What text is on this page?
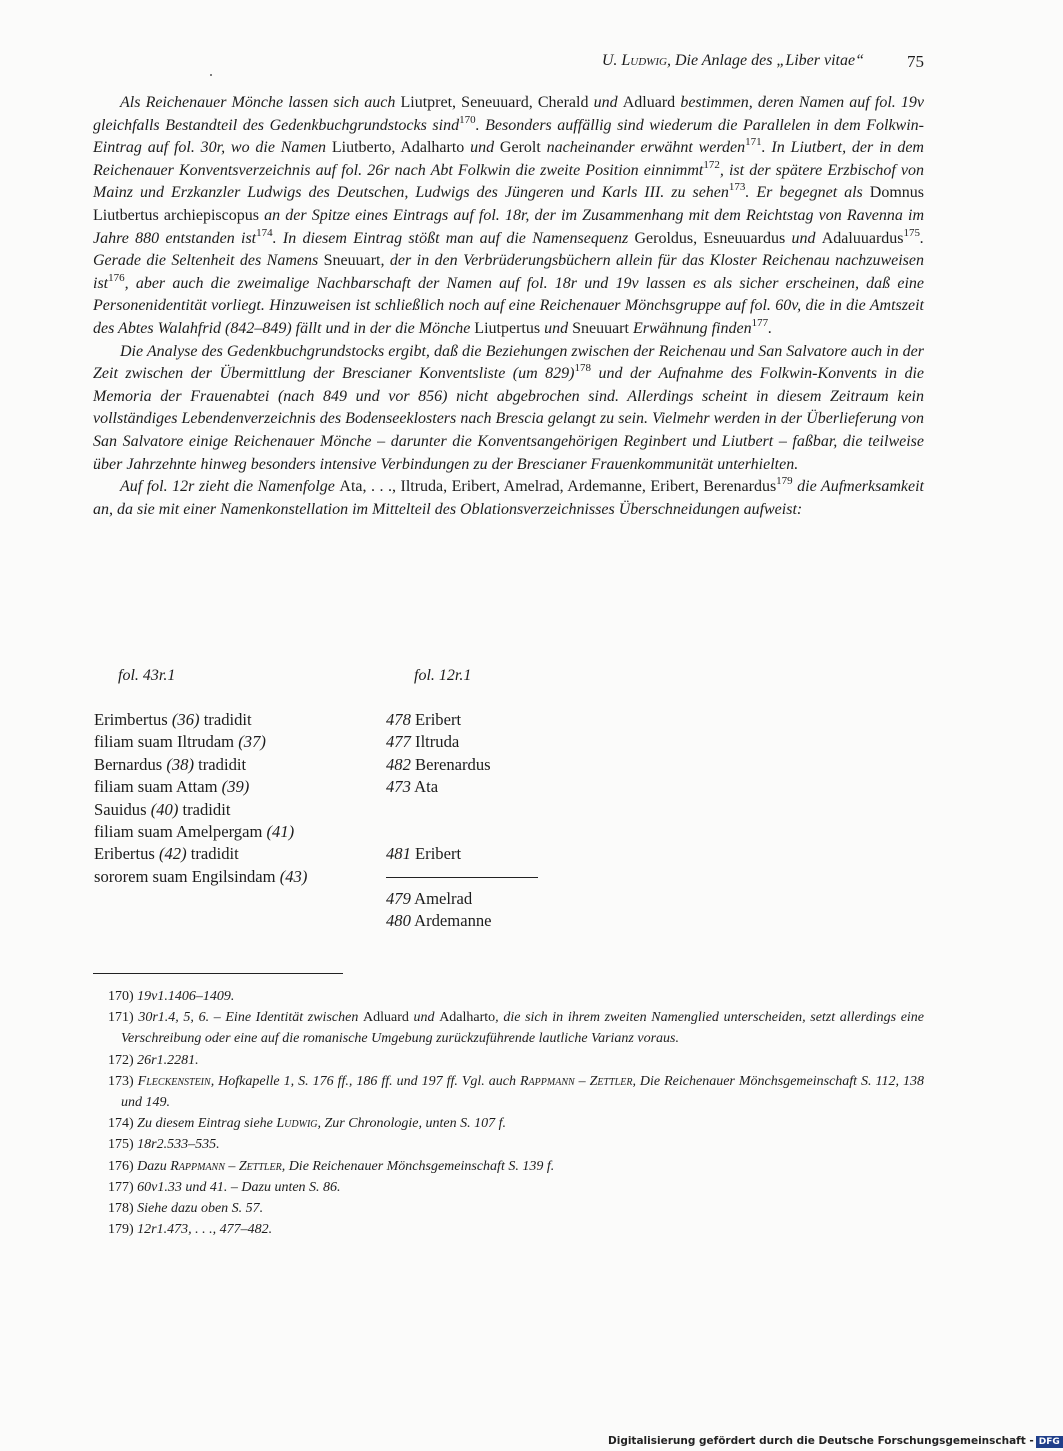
U. Ludwig, Die Anlage des „Liber vitae“	75

Als Reichenauer Mönche lassen sich auch Liutpret, Seneuuard, Cherald und Adluard bestimmen, deren Namen auf fol. 19v gleichfalls Bestandteil des Gedenkbuchgrundstocks sind$^{170}$. Besonders auffällig sind wiederum die Parallelen in dem Folkwin-Eintrag auf fol. 30r, wo die Namen Liutberto, Adalharto und Gerolt nacheinander erwähnt werden$^{171}$. In Liutbert, der in dem Reichenauer Konventsverzeichnis auf fol. 26r nach Abt Folkwin die zweite Position einnimmt$^{172}$, ist der spätere Erzbischof von Mainz und Erzkanzler Ludwigs des Deutschen, Ludwigs des Jüngeren und Karls III. zu sehen$^{173}$. Er begegnet als Domnus Liutbertus archiepiscopus an der Spitze eines Eintrags auf fol. 18r, der im Zusammenhang mit dem Reichtstag von Ravenna im Jahre 880 entstanden ist$^{174}$. In diesem Eintrag stößt man auf die Namensequenz Geroldus, Esneuuardus und Adaluuardus$^{175}$. Gerade die Seltenheit des Namens Sneuuart, der in den Verbrüderungsbüchern allein für das Kloster Reichenau nachzuweisen ist$^{176}$, aber auch die zweimalige Nachbarschaft der Namen auf fol. 18r und 19v lassen es als sicher erscheinen, daß eine Personenidentität vorliegt. Hinzuweisen ist schließlich noch auf eine Reichenauer Mönchsgruppe auf fol. 60v, die in die Amtszeit des Abtes Walahfrid (842–849) fällt und in der die Mönche Liutpertus und Sneuuart Erwähnung finden$^{177}$.

Die Analyse des Gedenkbuchgrundstocks ergibt, daß die Beziehungen zwischen der Reichenau und San Salvatore auch in der Zeit zwischen der Übermittlung der Brescianer Konventsliste (um 829)$^{178}$ und der Aufnahme des Folkwin-Konvents in die Memoria der Frauenabtei (nach 849 und vor 856) nicht abgebrochen sind. Allerdings scheint in diesem Zeitraum kein vollständiges Lebendenverzeichnis des Bodenseeklosters nach Brescia gelangt zu sein. Vielmehr werden in der Überlieferung von San Salvatore einige Reichenauer Mönche – darunter die Konventsangehörigen Reginbert und Liutbert – faßbar, die teilweise über Jahrzehnte hinweg besonders intensive Verbindungen zu der Brescianer Frauenkommunität unterhielten.

Auf fol. 12r zieht die Namenfolge Ata, . . ., Iltruda, Eribert, Amelrad, Ardemanne, Eribert, Berenardus$^{179}$ die Aufmerksamkeit an, da sie mit einer Namenkonstellation im Mittelteil des Oblationsverzeichnisses Überschneidungen aufweist:

fol. 43r.1	fol. 12r.1
Erimbertus (36) tradidit
filiam suam Iltrudam (37)
Bernardus (38) tradidit
filiam suam Attam (39)
Sauidus (40) tradidit
filiam suam Amelpergam (41)
Eribertus (42) tradidit
sororem suam Engilsindam (43)
478 Eribert
477 Iltruda
482 Berenardus
473 Ata
481 Eribert
479 Amelrad
480 Ardemanne

170) 19v1.1406–1409.

171) 30r1.4, 5, 6. – Eine Identität zwischen Adluard und Adalharto, die sich in ihrem zweiten Namenglied unterscheiden, setzt allerdings eine Verschreibung oder eine auf die romanische Umgebung zurückzuführende lautliche Varianz voraus.

172) 26r1.2281.

173) Fleckenstein, Hofkapelle 1, S. 176 ff., 186 ff. und 197 ff. Vgl. auch Rappmann – Zettler, Die Reichenauer Mönchsgemeinschaft S. 112, 138 und 149.

174) Zu diesem Eintrag siehe Ludwig, Zur Chronologie, unten S. 107 f.

175) 18r2.533–535.

176) Dazu Rappmann – Zettler, Die Reichenauer Mönchsgemeinschaft S. 139 f.

177) 60v1.33 und 41. – Dazu unten S. 86.

178) Siehe dazu oben S. 57.

179) 12r1.473, . . ., 477–482.

Digitalisierung gefördert durch die Deutsche Forschungsgemeinschaft - DFG
